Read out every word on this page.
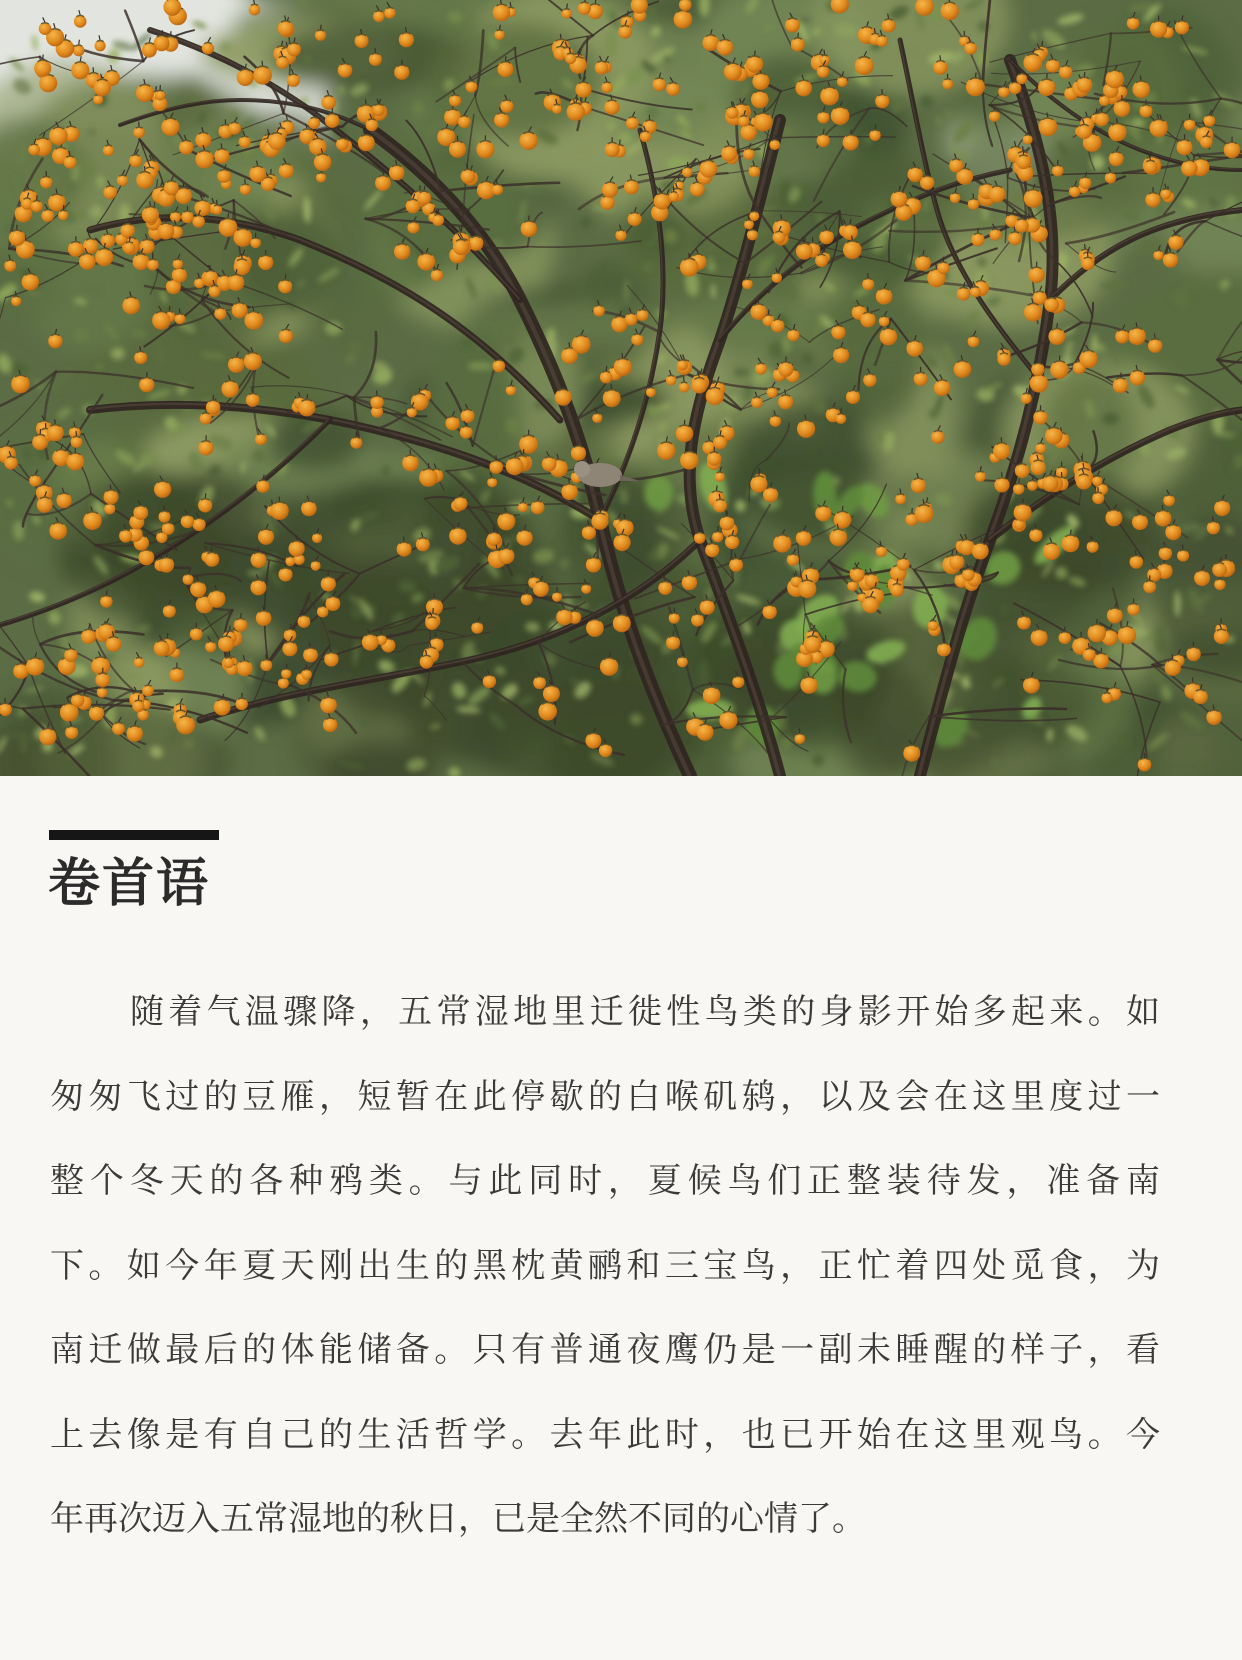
卷首语
随着气温骤降，五常湿地里迁徙性鸟类的身影开始多起来。如
匆匆飞过的豆雁，短暂在此停歇的白喉矶鸫，以及会在这里度过一
整个冬天的各种鸦类。与此同时，夏候鸟们正整装待发，准备南
下。如今年夏天刚出生的黑枕黄鹂和三宝鸟，正忙着四处觅食，为
南迁做最后的体能储备。只有普通夜鹰仍是一副未睡醒的样子，看
上去像是有自己的生活哲学。去年此时，也已开始在这里观鸟。今
年再次迈入五常湿地的秋日，已是全然不同的心情了。
